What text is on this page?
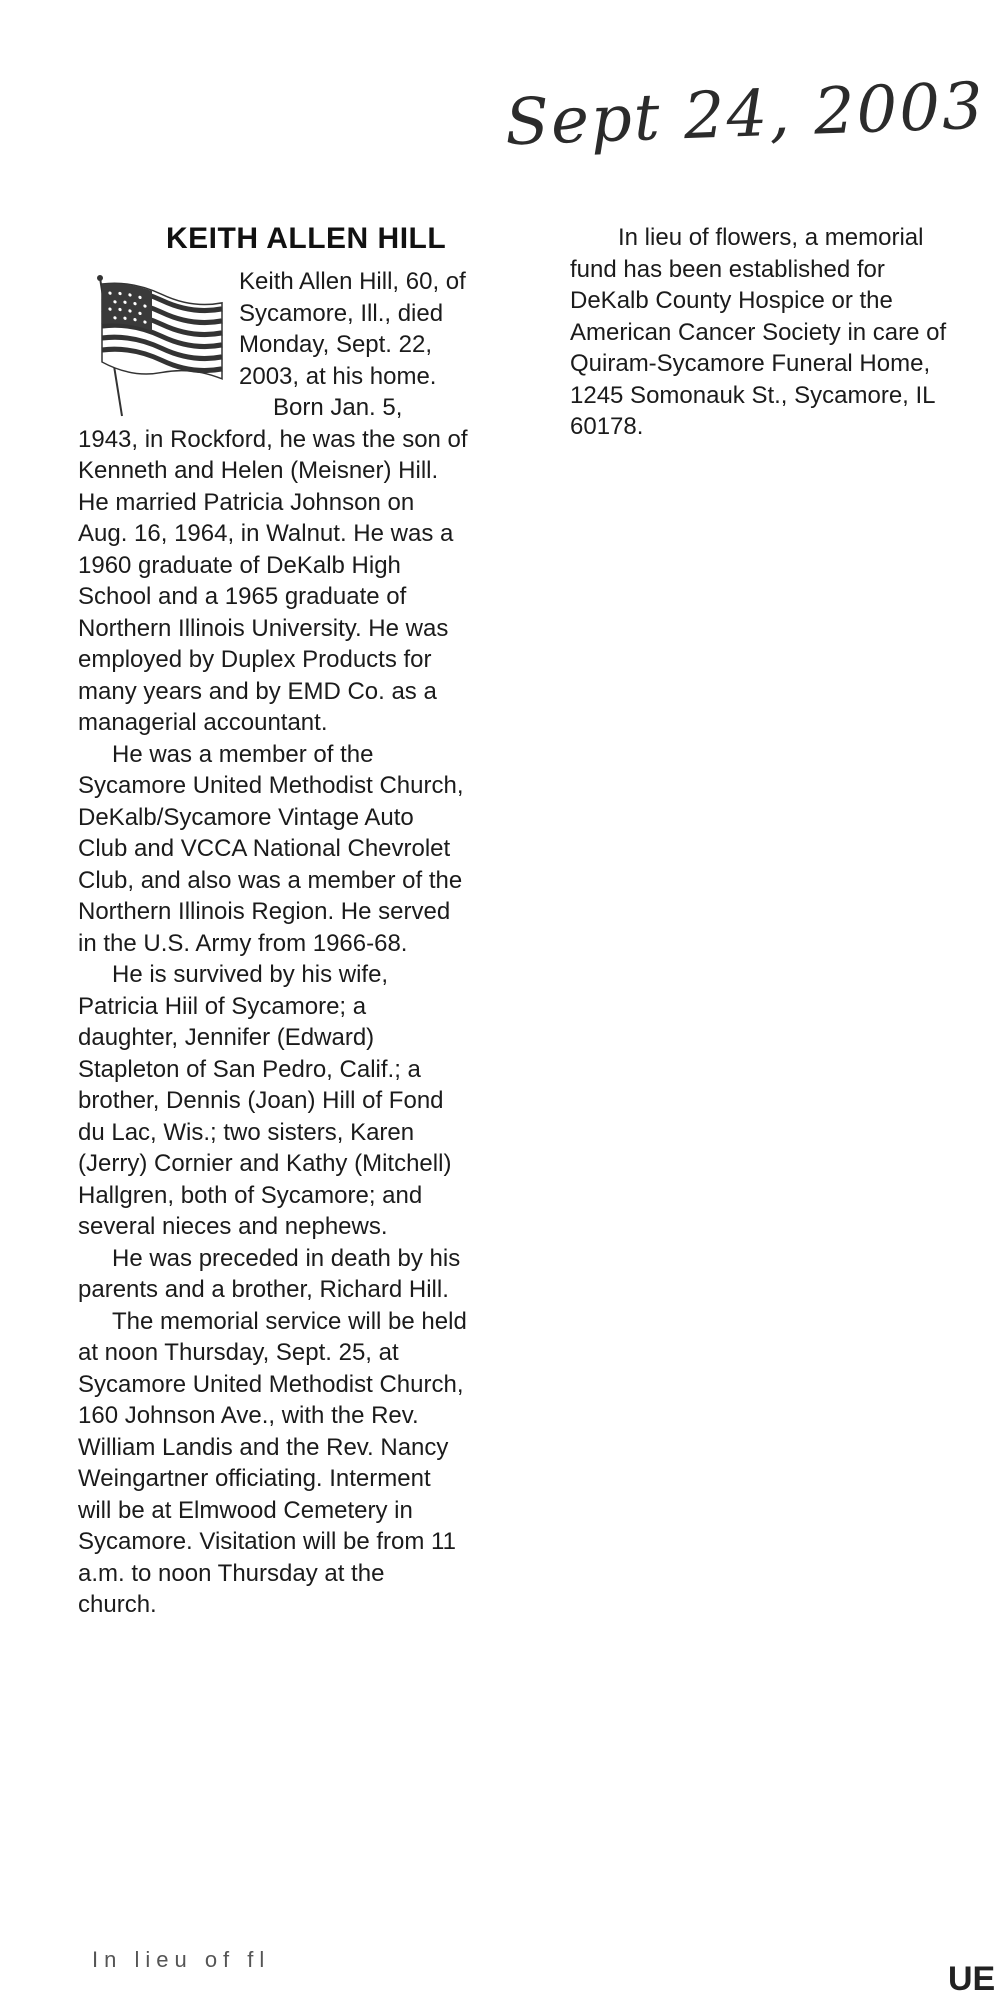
Sept 24, 2003
KEITH ALLEN HILL

Keith Allen Hill, 60, of Sycamore, Ill., died Monday, Sept. 22, 2003, at his home.

Born Jan. 5, 1943, in Rockford, he was the son of Kenneth and Helen (Meisner) Hill. He married Patricia Johnson on Aug. 16, 1964, in Walnut. He was a 1960 graduate of DeKalb High School and a 1965 graduate of Northern Illinois University. He was employed by Duplex Products for many years and by EMD Co. as a managerial accountant.

He was a member of the Sycamore United Methodist Church, DeKalb/Sycamore Vintage Auto Club and VCCA National Chevrolet Club, and also was a member of the Northern Illinois Region. He served in the U.S. Army from 1966-68.

He is survived by his wife, Patricia Hiil of Sycamore; a daughter, Jennifer (Edward) Stapleton of San Pedro, Calif.; a brother, Dennis (Joan) Hill of Fond du Lac, Wis.; two sisters, Karen (Jerry) Cornier and Kathy (Mitchell) Hallgren, both of Sycamore; and several nieces and nephews.

He was preceded in death by his parents and a brother, Richard Hill.

The memorial service will be held at noon Thursday, Sept. 25, at Sycamore United Methodist Church, 160 Johnson Ave., with the Rev. William Landis and the Rev. Nancy Weingartner officiating. Interment will be at Elmwood Cemetery in Sycamore. Visitation will be from 11 a.m. to noon Thursday at the church.

In lieu of fl

In lieu of flowers, a memorial fund has been established for DeKalb County Hospice or the American Cancer Society in care of Quiram-Sycamore Funeral Home, 1245 Somonauk St., Sycamore, IL 60178.

UE
